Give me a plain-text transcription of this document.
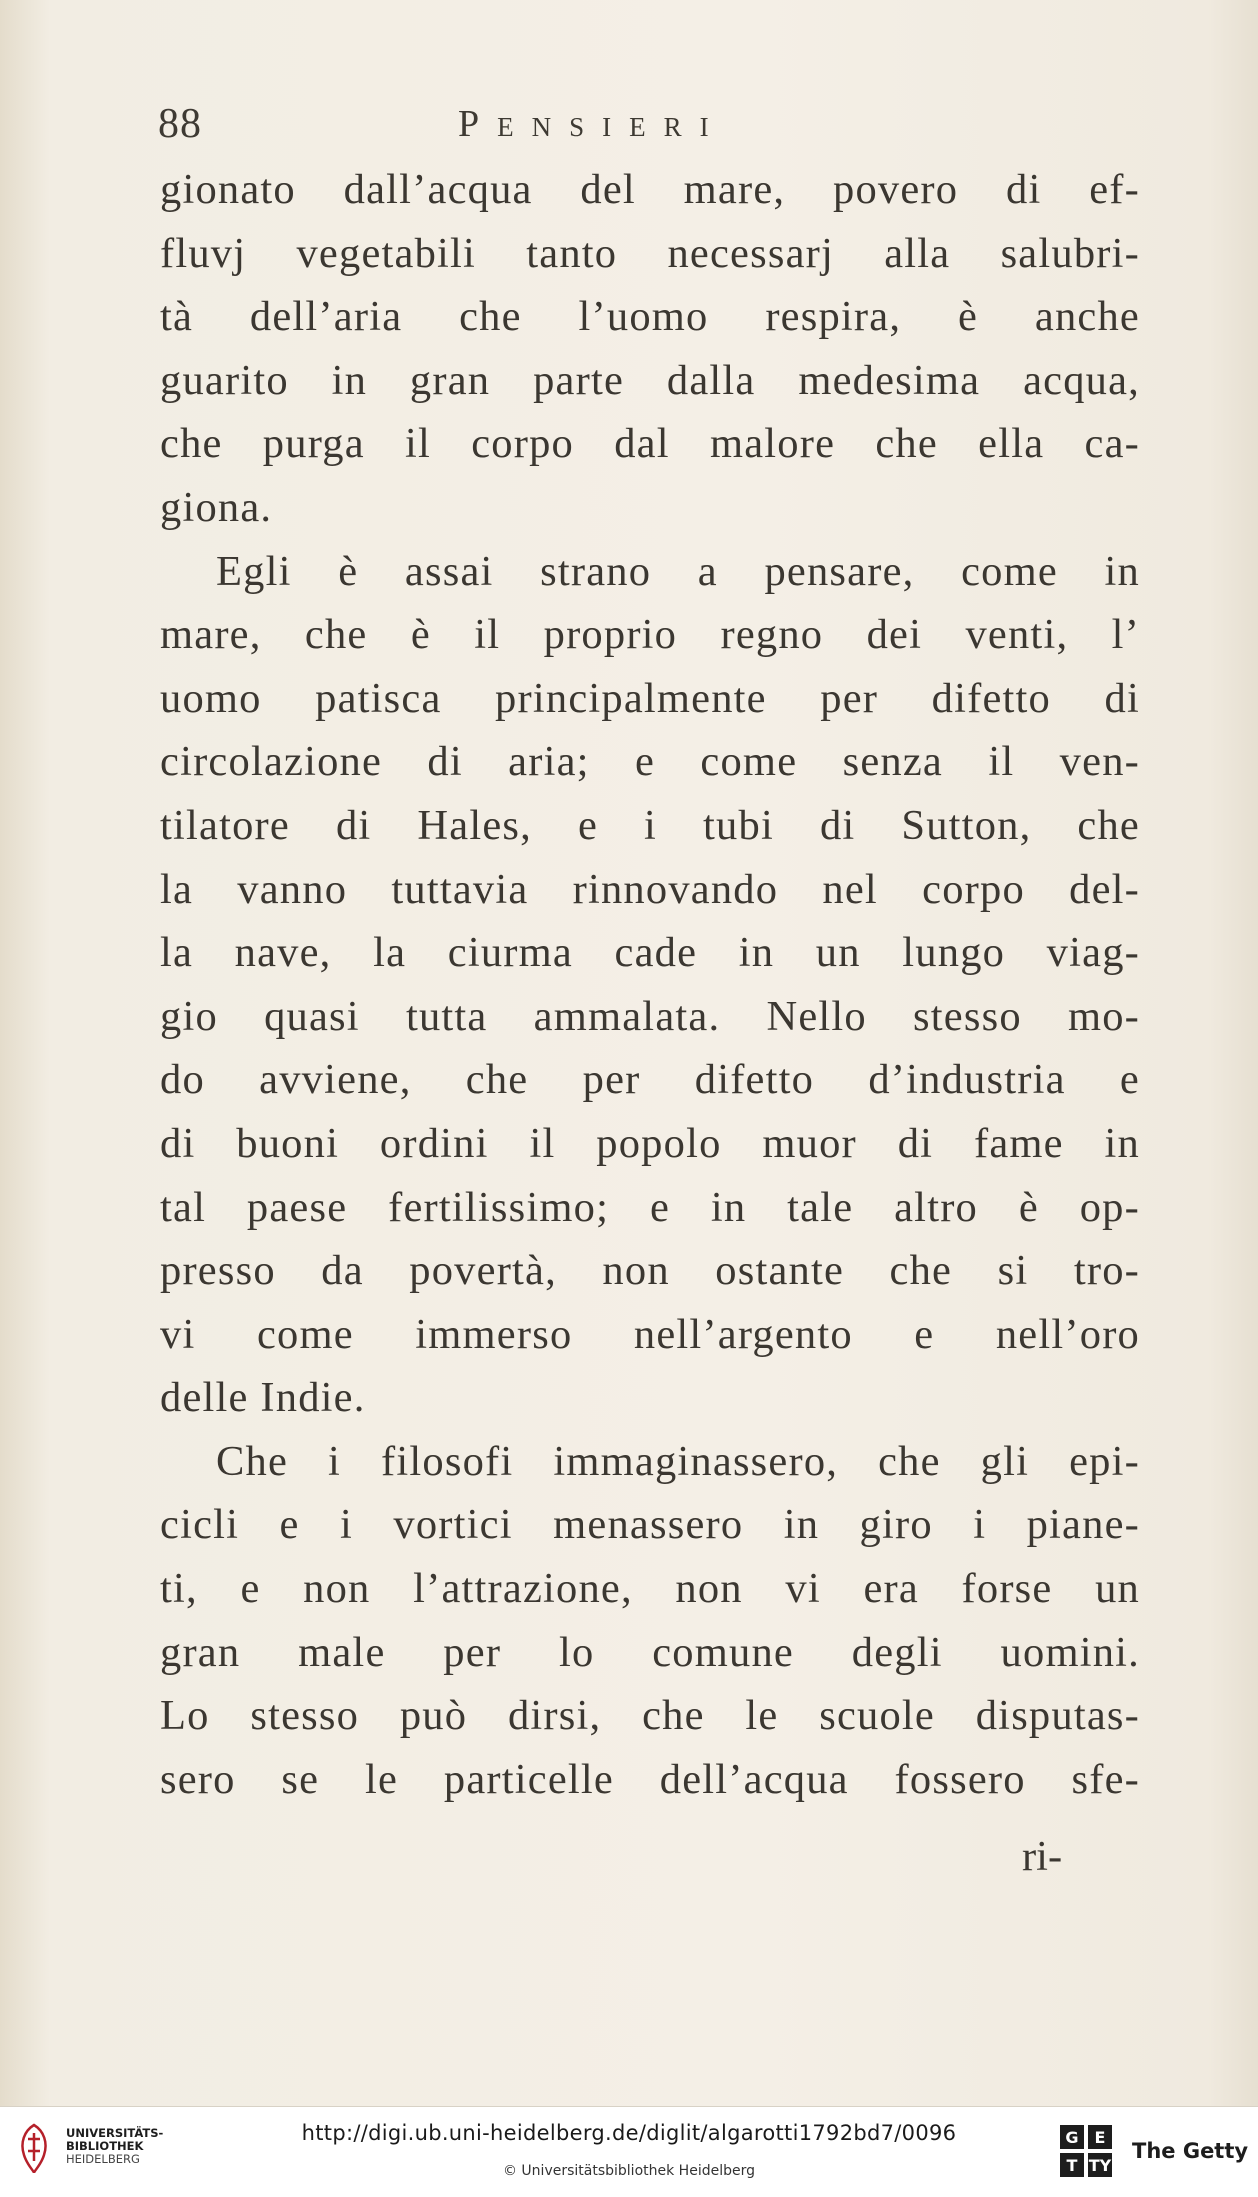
88	Pensieri
gionato dall’acqua del mare, povero di ef-
fluvj vegetabili tanto necessarj alla salubri-
tà dell’aria che l’uomo respira, è anche
guarito in gran parte dalla medesima acqua,
che purga il corpo dal malore che ella ca-
giona.
Egli è assai strano a pensare, come in
mare, che è il proprio regno dei venti, l’
uomo patisca principalmente per difetto di
circolazione di aria; e come senza il ven-
tilatore di Hales, e i tubi di Sutton, che
la vanno tuttavia rinnovando nel corpo del-
la nave, la ciurma cade in un lungo viag-
gio quasi tutta ammalata. Nello stesso mo-
do avviene, che per difetto d’industria e
di buoni ordini il popolo muor di fame in
tal paese fertilissimo; e in tale altro è op-
presso da povertà, non ostante che si tro-
vi come immerso nell’argento e nell’oro
delle Indie.
Che i filosofi immaginassero, che gli epi-
cicli e i vortici menassero in giro i piane-
ti, e non l’attrazione, non vi era forse un
gran male per lo comune degli uomini.
Lo stesso può dirsi, che le scuole disputas-
sero se le particelle dell’acqua fossero sfe-
ri-
UNIVERSITÄTS-
BIBLIOTHEK
HEIDELBERG
http://digi.ub.uni-heidelberg.de/diglit/algarotti1792bd7/0096
© Universitätsbibliothek Heidelberg
G E
T TY
The Getty
